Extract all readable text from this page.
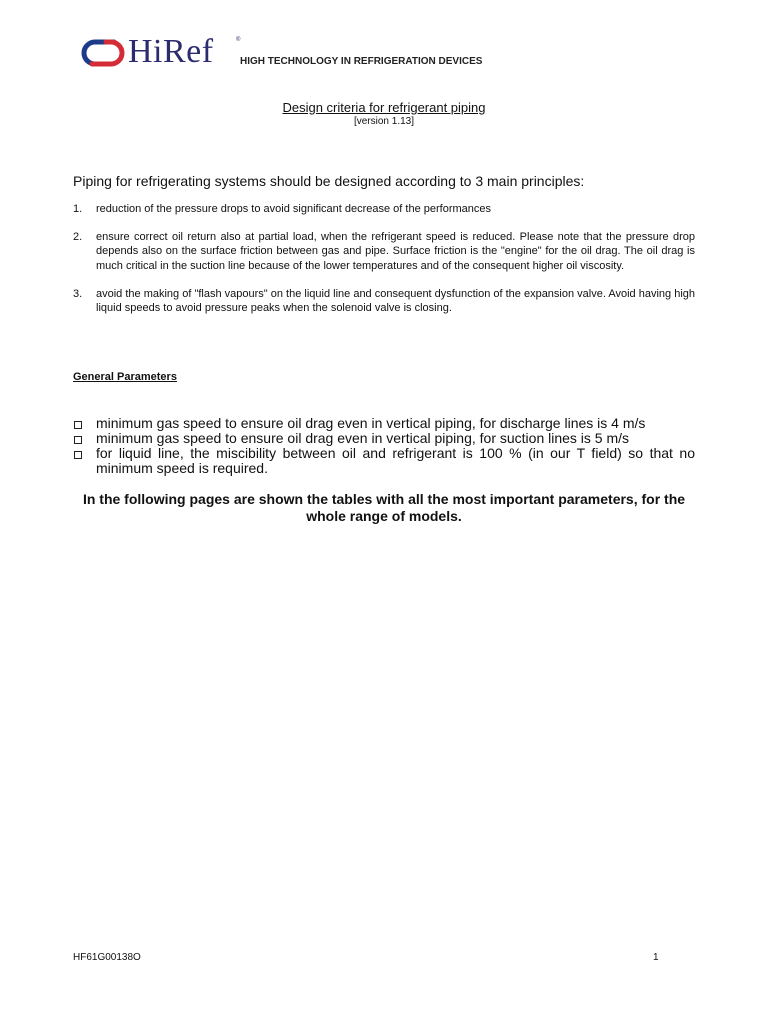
HiRef	®
HIGH TECHNOLOGY IN REFRIGERATION DEVICES
Design criteria for refrigerant piping
[version 1.13]
Piping for refrigerating systems should be designed according to 3 main principles:
1. reduction of the pressure drops to avoid significant decrease of the performances
2. ensure correct oil return also at partial load, when the refrigerant speed is reduced. Please note that the pressure drop depends also on the surface friction between gas and pipe. Surface friction is the "engine" for the oil drag. The oil drag is much critical in the suction line because of the lower temperatures and of the consequent higher oil viscosity.
3. avoid the making of "flash vapours" on the liquid line and consequent dysfunction of the expansion valve. Avoid having high liquid speeds to avoid pressure peaks when the solenoid valve is closing.
General Parameters
minimum gas speed to ensure oil drag even in vertical piping, for discharge lines is 4 m/s
minimum gas speed to ensure oil drag even in vertical piping, for suction lines is 5 m/s
for liquid line, the miscibility between oil and refrigerant is 100 % (in our T field) so that no minimum speed is required.
In the following pages are shown the tables with all the most important parameters, for the whole range of models.
HF61G00138O	1
